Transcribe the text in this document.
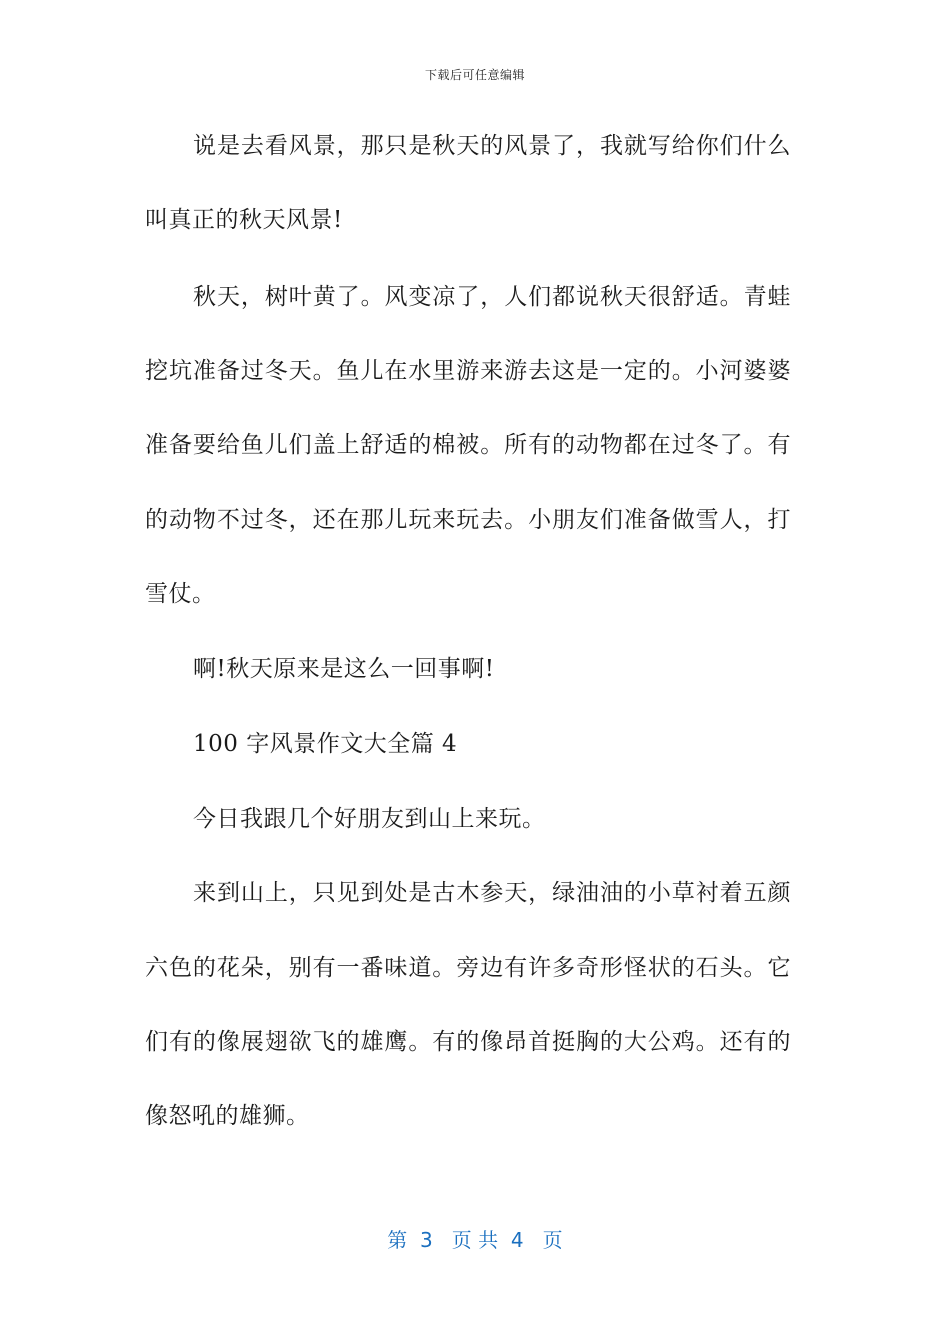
下载后可任意编辑
说是去看风景，那只是秋天的风景了，我就写给你们什么
叫真正的秋天风景!
秋天，树叶黄了。风变凉了，人们都说秋天很舒适。青蛙
挖坑准备过冬天。鱼儿在水里游来游去这是一定的。小河婆婆
准备要给鱼儿们盖上舒适的棉被。所有的动物都在过冬了。有
的动物不过冬，还在那儿玩来玩去。小朋友们准备做雪人，打
雪仗。
啊!秋天原来是这么一回事啊!
100 字风景作文大全篇 4
今日我跟几个好朋友到山上来玩。
来到山上，只见到处是古木参天，绿油油的小草衬着五颜
六色的花朵，别有一番味道。旁边有许多奇形怪状的石头。它
们有的像展翅欲飞的雄鹰。有的像昂首挺胸的大公鸡。还有的
像怒吼的雄狮。
第  3   页 共  4   页
